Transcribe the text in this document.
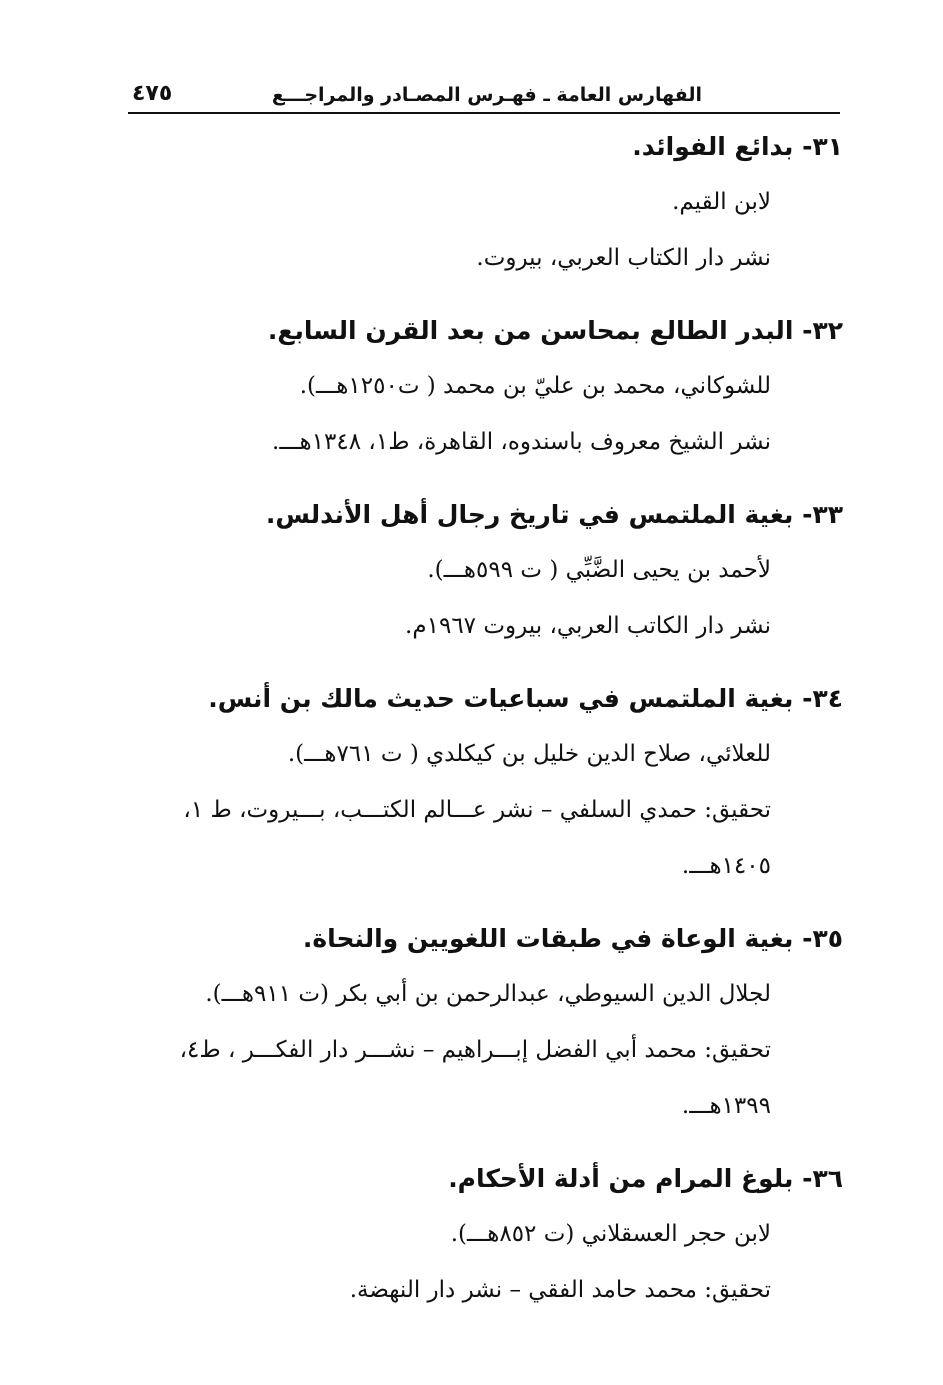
الفهارس العامة ـ فهـرس المصـادر والمراجـــع
٤٧٥
٣١- بدائع الفوائد.
لابن القيم.
نشر دار الكتاب العربي، بيروت.
٣٢- البدر الطالع بمحاسن من بعد القرن السابع.
للشوكاني، محمد بن عليّ بن محمد ( ت١٢٥٠هـــ).
نشر الشيخ معروف باسندوه، القاهرة، ط١، ١٣٤٨هـــ.
٣٣- بغية الملتمس في تاريخ رجال أهل الأندلس.
لأحمد بن يحيى الضَّبِّي ( ت ٥٩٩هـــ).
نشر دار الكاتب العربي، بيروت ١٩٦٧م.
٣٤- بغية الملتمس في سباعيات حديث مالك بن أنس.
للعلائي، صلاح الدين خليل بن كيكلدي ( ت ٧٦١هـــ).
تحقيق: حمدي السلفي – نشر عـــالم الكتـــب، بـــيروت، ط ١، ١٤٠٥هـــ.
٣٥- بغية الوعاة في طبقات اللغويين والنحاة.
لجلال الدين السيوطي، عبدالرحمن بن أبي بكر (ت ٩١١هـــ).
تحقيق: محمد أبي الفضل إبـــراهيم – نشـــر دار الفكـــر ، ط٤، ١٣٩٩هـــ.
٣٦- بلوغ المرام من أدلة الأحكام.
لابن حجر العسقلاني (ت ٨٥٢هـــ).
تحقيق: محمد حامد الفقي – نشر دار النهضة.
